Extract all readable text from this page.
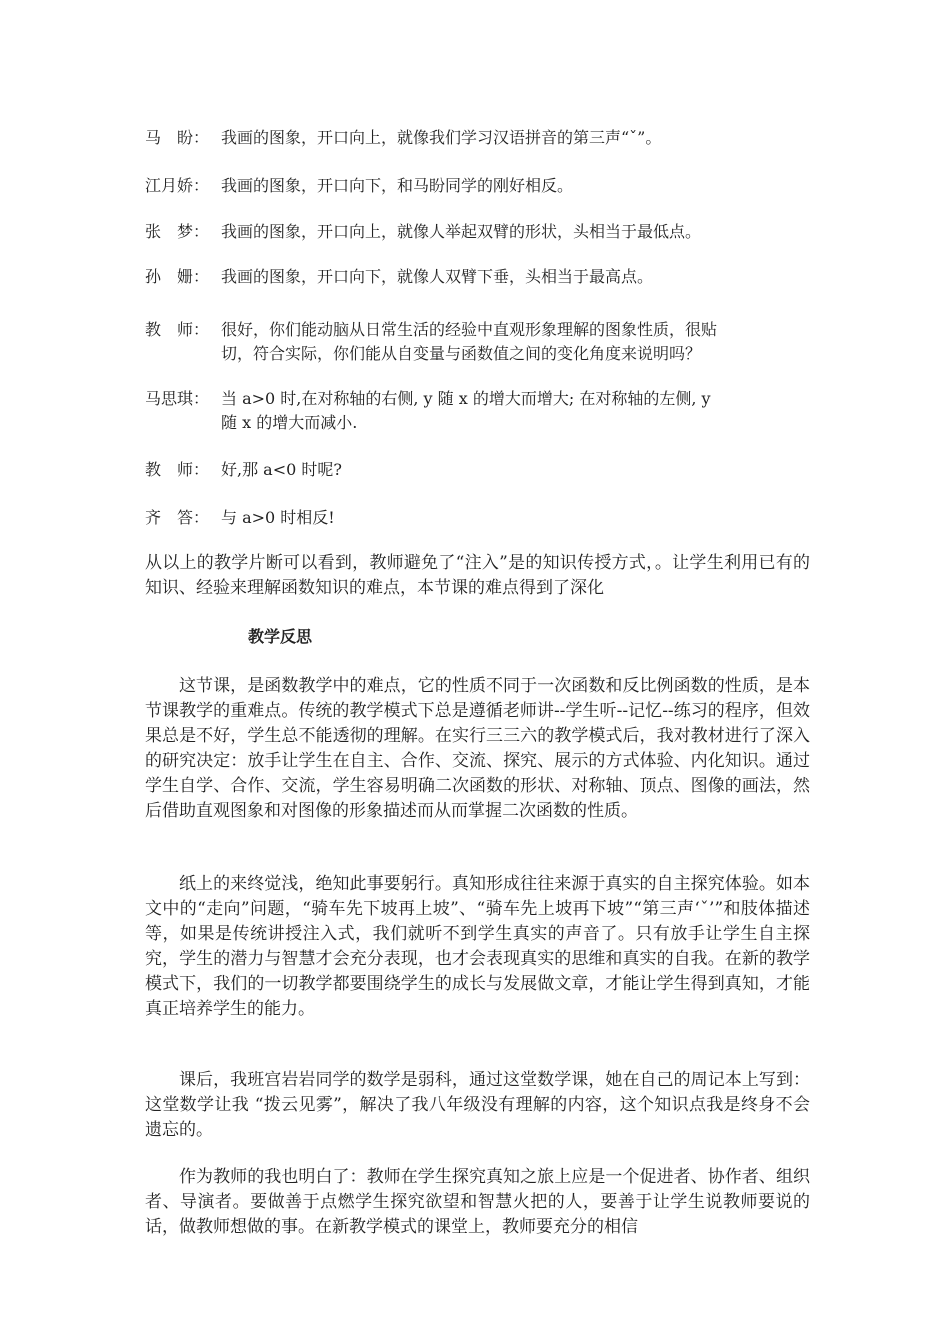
马　盼： 我画的图象，开口向上，就像我们学习汉语拼音的第三声“ˇ”。
江月娇： 我画的图象，开口向下，和马盼同学的刚好相反。
张　梦： 我画的图象，开口向上，就像人举起双臂的形状，头相当于最低点。
孙　姗： 我画的图象，开口向下，就像人双臂下垂，头相当于最高点。
教　师： 很好，你们能动脑从日常生活的经验中直观形象理解的图象性质，很贴
切，符合实际，你们能从自变量与函数值之间的变化角度来说明吗？
马思琪： 当 a>0 时,在对称轴的右侧, y 随 x 的增大而增大; 在对称轴的左侧, y
随 x 的增大而减小.
教　师： 好,那 a<0 时呢?
齐　答： 与 a>0 时相反!
从以上的教学片断可以看到，教师避免了“注入”是的知识传授方式，。让学生利用已有的知识、经验来理解函数知识的难点，本节课的难点得到了深化
教学反思
这节课，是函数教学中的难点，它的性质不同于一次函数和反比例函数的性质，是本节课教学的重难点。传统的教学模式下总是遵循老师讲--学生听--记忆--练习的程序，但效果总是不好，学生总不能透彻的理解。在实行三三六的教学模式后，我对教材进行了深入的研究决定：放手让学生在自主、合作、交流、探究、展示的方式体验、内化知识。通过学生自学、合作、交流，学生容易明确二次函数的形状、对称轴、顶点、图像的画法，然后借助直观图象和对图像的形象描述而从而掌握二次函数的性质。
纸上的来终觉浅，绝知此事要躬行。真知形成往往来源于真实的自主探究体验。如本文中的“走向”问题，“骑车先下坡再上坡”、“骑车先上坡再下坡”“第三声‘ˇ’”和肢体描述等，如果是传统讲授注入式，我们就听不到学生真实的声音了。只有放手让学生自主探究，学生的潜力与智慧才会充分表现，也才会表现真实的思维和真实的自我。在新的教学模式下，我们的一切教学都要围绕学生的成长与发展做文章，才能让学生得到真知，才能真正培养学生的能力。
课后，我班宫岩岩同学的数学是弱科，通过这堂数学课，她在自己的周记本上写到：这堂数学让我 “拨云见雾”，解决了我八年级没有理解的内容，这个知识点我是终身不会遗忘的。
作为教师的我也明白了：教师在学生探究真知之旅上应是一个促进者、协作者、组织者、导演者。要做善于点燃学生探究欲望和智慧火把的人，要善于让学生说教师要说的话，做教师想做的事。在新教学模式的课堂上，教师要充分的相信
